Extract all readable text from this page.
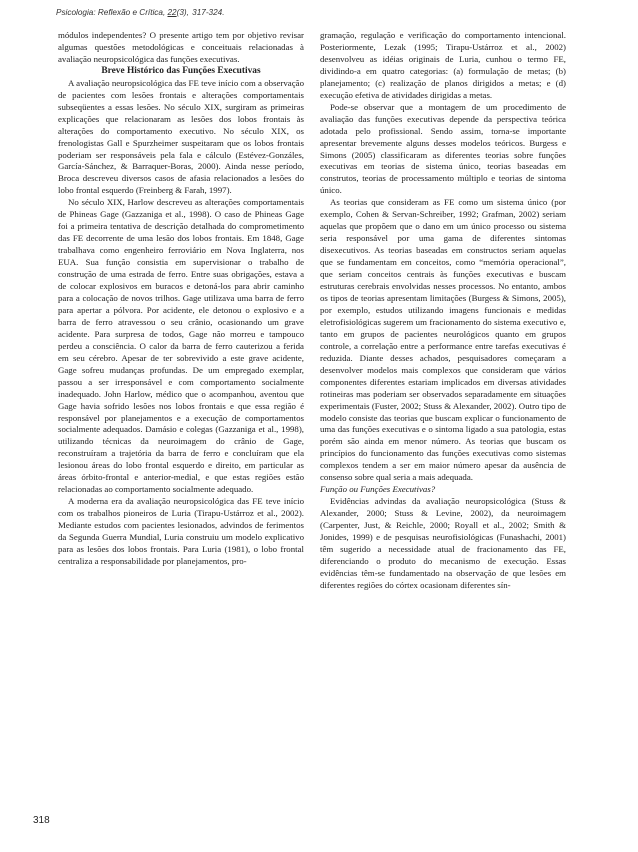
Psicologia: Reflexão e Crítica, 22(3), 317-324.

módulos independentes? O presente artigo tem por objetivo revisar algumas questões metodológicas e conceituais relacionadas à avaliação neuropsicológica das funções executivas.

Breve Histórico das Funções Executivas

A avaliação neuropsicológica das FE teve início com a observação de pacientes com lesões frontais e alterações comportamentais subseqüentes a essas lesões. No século XIX, surgiram as primeiras explicações que relacionaram as lesões dos lobos frontais às alterações do comportamento executivo. No século XIX, os frenologistas Gall e Spurzheimer suspeitaram que os lobos frontais poderiam ser responsáveis pela fala e cálculo (Estévez-Gonzáles, García-Sánchez, & Barraquer-Boras, 2000). Ainda nesse período, Broca descreveu diversos casos de afasia relacionados a lesões do lobo frontal esquerdo (Freinberg & Farah, 1997).

No século XIX, Harlow descreveu as alterações comportamentais de Phineas Gage (Gazzaniga et al., 1998). O caso de Phineas Gage foi a primeira tentativa de descrição detalhada do comprometimento das FE decorrente de uma lesão dos lobos frontais. Em 1848, Gage trabalhava como engenheiro ferroviário em Nova Inglaterra, nos EUA. Sua função consistia em supervisionar o trabalho de construção de uma estrada de ferro. Entre suas obrigações, estava a de colocar explosivos em buracos e detoná-los para abrir caminho para a colocação de novos trilhos. Gage utilizava uma barra de ferro para apertar a pólvora. Por acidente, ele detonou o explosivo e a barra de ferro atravessou o seu crânio, ocasionando um grave acidente. Para surpresa de todos, Gage não morreu e tampouco perdeu a consciência. O calor da barra de ferro cauterizou a ferida em seu cérebro. Apesar de ter sobrevivido a este grave acidente, Gage sofreu mudanças profundas. De um empregado exemplar, passou a ser irresponsável e com comportamento socialmente inadequado. John Harlow, médico que o acompanhou, aventou que Gage havia sofrido lesões nos lobos frontais e que essa região é responsável por planejamentos e a execução de comportamentos socialmente adequados. Damásio e colegas (Gazzaniga et al., 1998), utilizando técnicas da neuroimagem do crânio de Gage, reconstruíram a trajetória da barra de ferro e concluíram que ela lesionou áreas do lobo frontal esquerdo e direito, em particular as áreas órbito-frontal e anterior-medial, e que estas regiões estão relacionadas ao comportamento socialmente adequado.

A moderna era da avaliação neuropsicológica das FE teve início com os trabalhos pioneiros de Luria (Tirapu-Ustárroz et al., 2002). Mediante estudos com pacientes lesionados, advindos de ferimentos da Segunda Guerra Mundial, Luria construiu um modelo explicativo para as lesões dos lobos frontais. Para Luria (1981), o lobo frontal centraliza a responsabilidade por planejamentos, pro-

gramação, regulação e verificação do comportamento intencional. Posteriormente, Lezak (1995; Tirapu-Ustárroz et al., 2002) desenvolveu as idéias originais de Luria, cunhou o termo FE, dividindo-a em quatro categorias: (a) formulação de metas; (b) planejamento; (c) realização de planos dirigidos a metas; e (d) execução efetiva de atividades dirigidas a metas.

Pode-se observar que a montagem de um procedimento de avaliação das funções executivas depende da perspectiva teórica adotada pelo profissional. Sendo assim, torna-se importante apresentar brevemente alguns desses modelos teóricos. Burgess e Simons (2005) classificaram as diferentes teorias sobre funções executivas em teorias de sistema único, teorias baseadas em construtos, teorias de processamento múltiplo e teorias de sintoma único.

As teorias que consideram as FE como um sistema único (por exemplo, Cohen & Servan-Schreiber, 1992; Grafman, 2002) seriam aquelas que propõem que o dano em um único processo ou sistema seria responsável por uma gama de diferentes sintomas disexecutivos. As teorias baseadas em constructos seriam aquelas que se fundamentam em conceitos, como “memória operacional”, que seriam conceitos centrais às funções executivas e buscam estruturas cerebrais envolvidas nesses processos. No entanto, ambos os tipos de teorias apresentam limitações (Burgess & Simons, 2005), por exemplo, estudos utilizando imagens funcionais e medidas eletrofisiológicas sugerem um fracionamento do sistema executivo e, tanto em grupos de pacientes neurológicos quanto em grupos controle, a correlação entre a performance entre tarefas executivas é reduzida. Diante desses achados, pesquisadores começaram a desenvolver modelos mais complexos que consideram que vários componentes diferentes estariam implicados em diversas atividades rotineiras mas poderiam ser observados separadamente em situações experimentais (Fuster, 2002; Stuss & Alexander, 2002). Outro tipo de modelo consiste das teorias que buscam explicar o funcionamento de uma das funções executivas e o sintoma ligado a sua patologia, estas porém são ainda em menor número. As teorias que buscam os princípios do funcionamento das funções executivas como sistemas complexos tendem a ser em maior número apesar da ausência de consenso sobre qual seria a mais adequada.

Função ou Funções Executivas?

Evidências advindas da avaliação neuropsicológica (Stuss & Alexander, 2000; Stuss & Levine, 2002), da neuroimagem (Carpenter, Just, & Reichle, 2000; Royall et al., 2002; Smith & Jonides, 1999) e de pesquisas neurofisiológicas (Funashachi, 2001) têm sugerido a necessidade atual de fracionamento das FE, diferenciando o produto do mecanismo de execução. Essas evidências têm-se fundamentado na observação de que lesões em diferentes regiões do córtex ocasionam diferentes sín-

318
